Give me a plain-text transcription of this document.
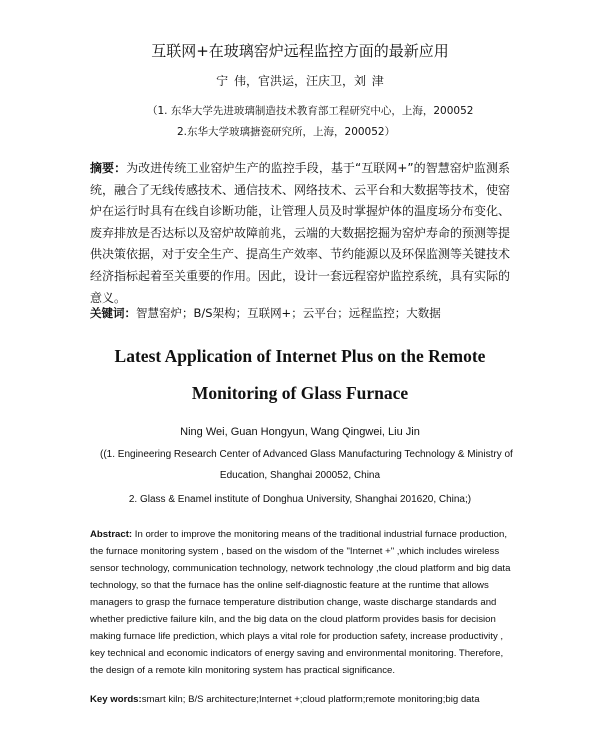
互联网+在玻璃窑炉远程监控方面的最新应用
宁 伟，官洪运，汪庆卫，刘 津
（1. 东华大学先进玻璃制造技术教育部工程研究中心，上海，200052
2.东华大学玻璃搪瓷研究所，上海，200052）
摘要：为改进传统工业窑炉生产的监控手段，基于“互联网+”的智慧窑炉监测系统，融合了无线传感技术、通信技术、网络技术、云平台和大数据等技术，使窑炉在运行时具有在线自诊断功能，让管理人员及时掌握炉体的温度场分布变化、废弃排放是否达标以及窑炉故障前兆，云端的大数据挖掘为窑炉寿命的预测等提供决策依据，对于安全生产、提高生产效率、节约能源以及环保监测等关键技术经济指标起着至关重要的作用。因此，设计一套远程窑炉监控系统，具有实际的意义。
关键词：智慧窑炉；B/S架构；互联网+；云平台；远程监控；大数据
Latest Application of Internet Plus on the Remote
Monitoring of Glass Furnace
Ning Wei, Guan Hongyun, Wang Qingwei, Liu Jin
((1. Engineering Research Center of Advanced Glass Manufacturing Technology & Ministry of
Education, Shanghai 200052, China
2. Glass & Enamel institute of Donghua University, Shanghai 201620, China;)
Abstract: In order to improve the monitoring means of the traditional industrial furnace production, the furnace monitoring system , based on the wisdom of the "Internet +" ,which includes wireless sensor technology, communication technology, network technology ,the cloud platform and big data technology, so that the furnace has the online self-diagnostic feature at the runtime that allows managers to grasp the furnace temperature distribution change, waste discharge standards and whether predictive failure kiln, and the big data on the cloud platform provides basis for decision making furnace life prediction, which plays a vital role for production safety, increase productivity , key technical and economic indicators of energy saving and environmental monitoring. Therefore, the design of a remote kiln monitoring system has practical significance.
Key words:smart kiln; B/S architecture;Internet +;cloud platform;remote monitoring;big data
